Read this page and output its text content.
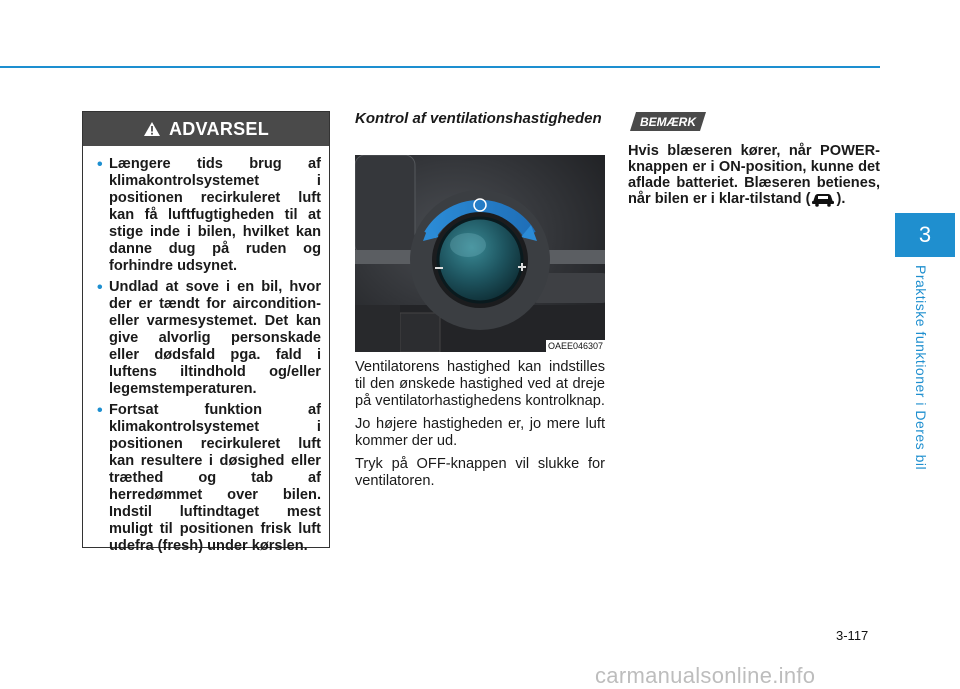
3
Praktiske funktioner i Deres bil
ADVARSEL
• Længere tids brug af klimakontrolsystemet i positionen recirkuleret luft kan få luftfugtigheden til at stige inde i bilen, hvilket kan danne dug på ruden og forhindre udsynet.
• Undlad at sove i en bil, hvor der er tændt for aircondition- eller varmesystemet. Det kan give alvorlig personskade eller dødsfald pga. fald i luftens iltindhold og/eller legemstemperaturen.
• Fortsat funktion af klimakontrolsystemet i positionen recirkuleret luft kan resultere i døsighed eller træthed og tab af herredømmet over bilen. Indstil luftindtaget mest muligt til positionen frisk luft udefra (fresh) under kørslen.
Kontrol af ventilationshastigheden
OAEE046307

Ventilatorens hastighed kan indstilles til den ønskede hastighed ved at dreje på ventilatorhastighedens kontrolknap.

Jo højere hastigheden er, jo mere luft kommer der ud.

Tryk på OFF-knappen vil slukke for ventilatoren.

BEMÆRK
Hvis blæseren kører, når POWER-knappen er i ON-position, kunne det aflade batteriet. Blæseren betienes, når bilen er i klar-tilstand ( ).
3-117
carmanualsonline.info
